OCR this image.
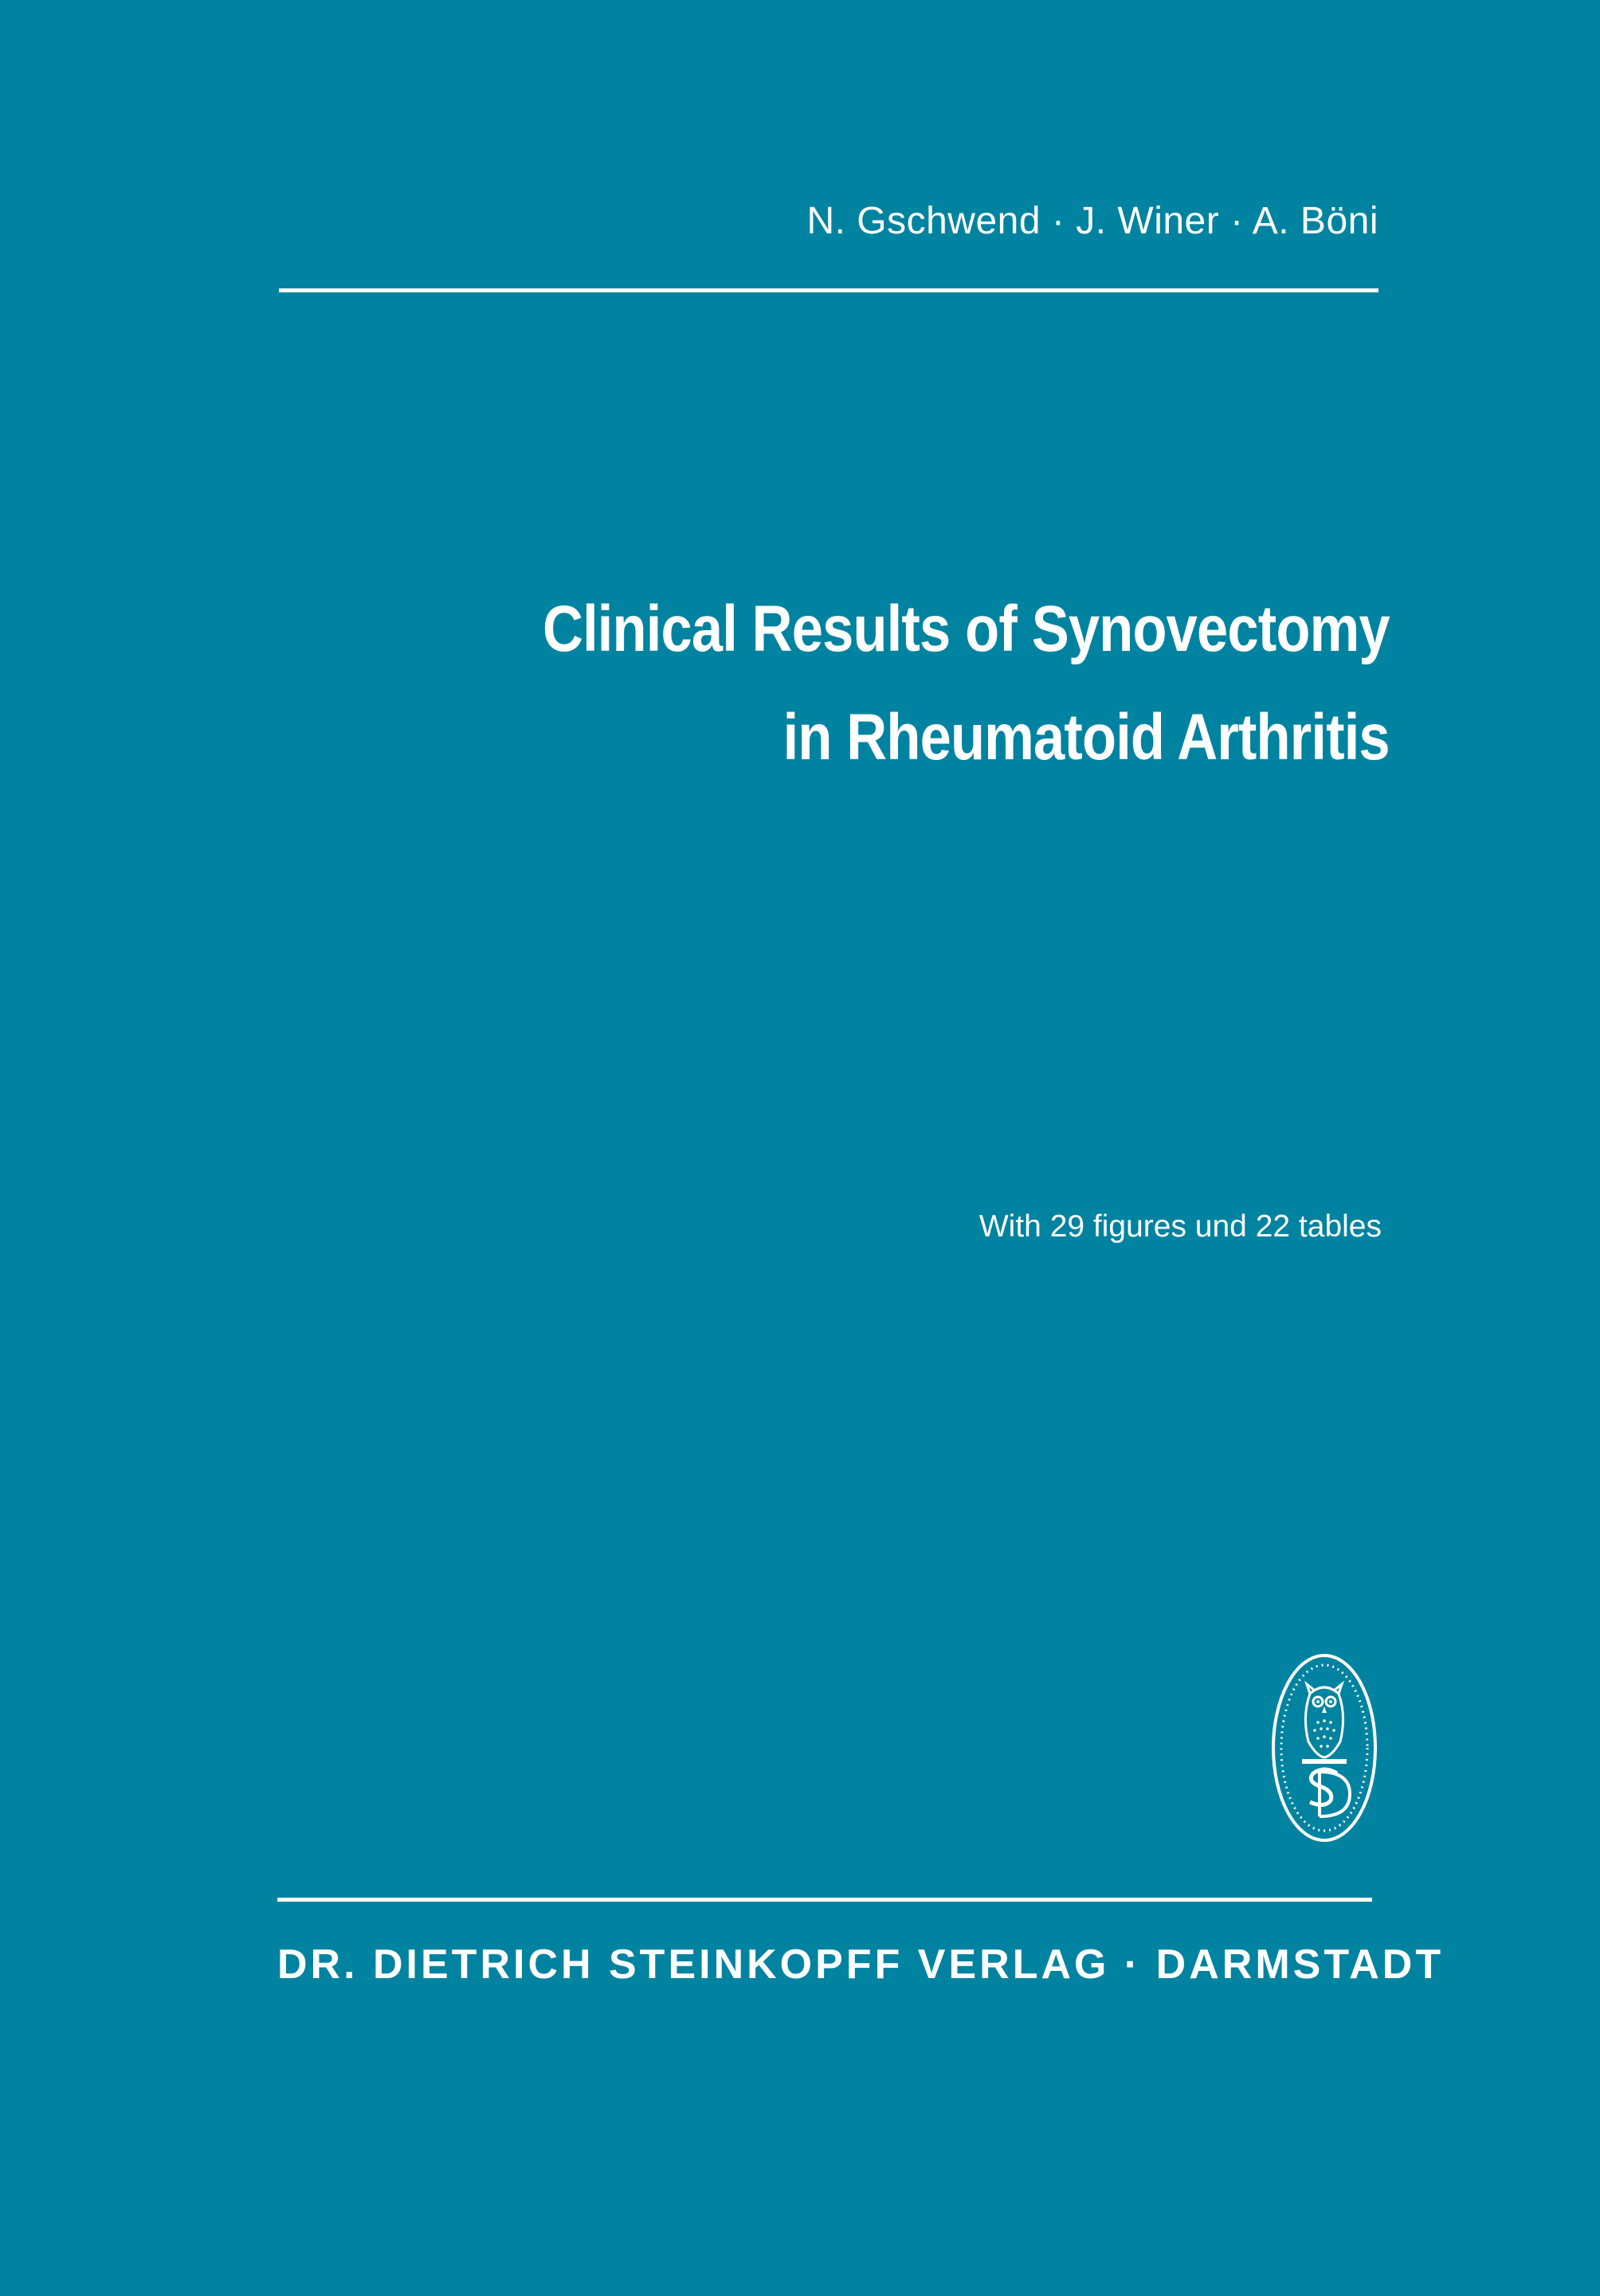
N. Gschwend · J. Winer · A. Böni
Clinical Results of Synovectomy
in Rheumatoid Arthritis
With 29 figures und 22 tables
DR. DIETRICH STEINKOPFF VERLAG · DARMSTADT
